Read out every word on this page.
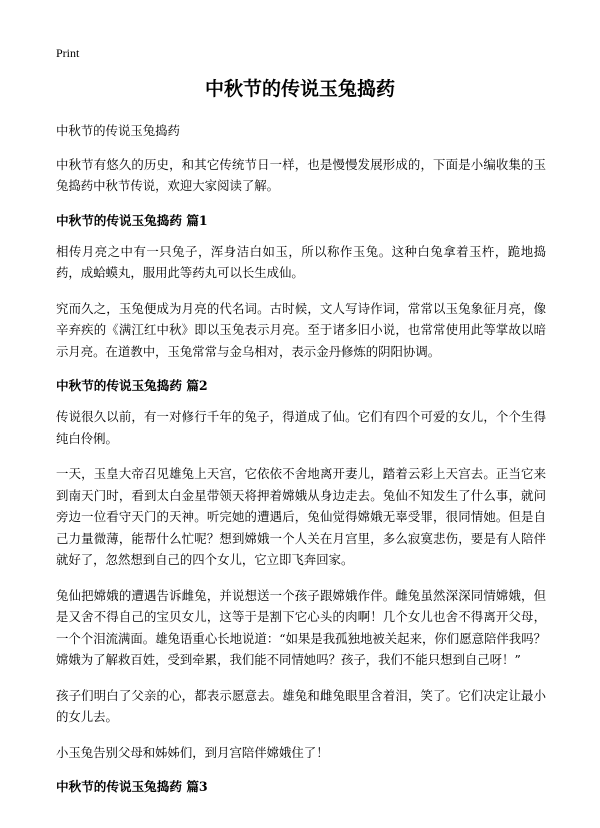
Print
中秋节的传说玉兔捣药

中秋节的传说玉兔捣药

中秋节有悠久的历史，和其它传统节日一样，也是慢慢发展形成的，下面是小编收集的玉兔捣药中秋节传说，欢迎大家阅读了解。

中秋节的传说玉兔捣药 篇1

相传月亮之中有一只兔子，浑身洁白如玉，所以称作玉兔。这种白兔拿着玉杵，跪地捣药，成蛤蟆丸，服用此等药丸可以长生成仙。

究而久之，玉兔便成为月亮的代名词。古时候，文人写诗作词，常常以玉兔象征月亮，像辛弃疾的《满江红中秋》即以玉兔表示月亮。至于诸多旧小说，也常常使用此等掌故以暗示月亮。在道教中，玉兔常常与金乌相对，表示金丹修炼的阴阳协调。

中秋节的传说玉兔捣药 篇2

传说很久以前，有一对修行千年的兔子，得道成了仙。它们有四个可爱的女儿，个个生得纯白伶俐。

一天，玉皇大帝召见雄兔上天宫，它依依不舍地离开妻儿，踏着云彩上天宫去。正当它来到南天门时，看到太白金星带领天将押着嫦娥从身边走去。兔仙不知发生了什么事，就问旁边一位看守天门的天神。听完她的遭遇后，兔仙觉得嫦娥无辜受罪，很同情她。但是自己力量微薄，能帮什么忙呢？想到嫦娥一个人关在月宫里，多么寂寞悲伤，要是有人陪伴就好了，忽然想到自己的四个女儿，它立即飞奔回家。

兔仙把嫦娥的遭遇告诉雌兔，并说想送一个孩子跟嫦娥作伴。雌兔虽然深深同情嫦娥，但是又舍不得自己的宝贝女儿，这等于是割下它心头的肉啊！几个女儿也舍不得离开父母，一个个泪流满面。雄兔语重心长地说道：“如果是我孤独地被关起来，你们愿意陪伴我吗？嫦娥为了解救百姓，受到牵累，我们能不同情她吗？孩子，我们不能只想到自己呀！”

孩子们明白了父亲的心，都表示愿意去。雄兔和雌兔眼里含着泪，笑了。它们决定让最小的女儿去。

小玉兔告别父母和姊姊们，到月宫陪伴嫦娥住了！

中秋节的传说玉兔捣药 篇3
